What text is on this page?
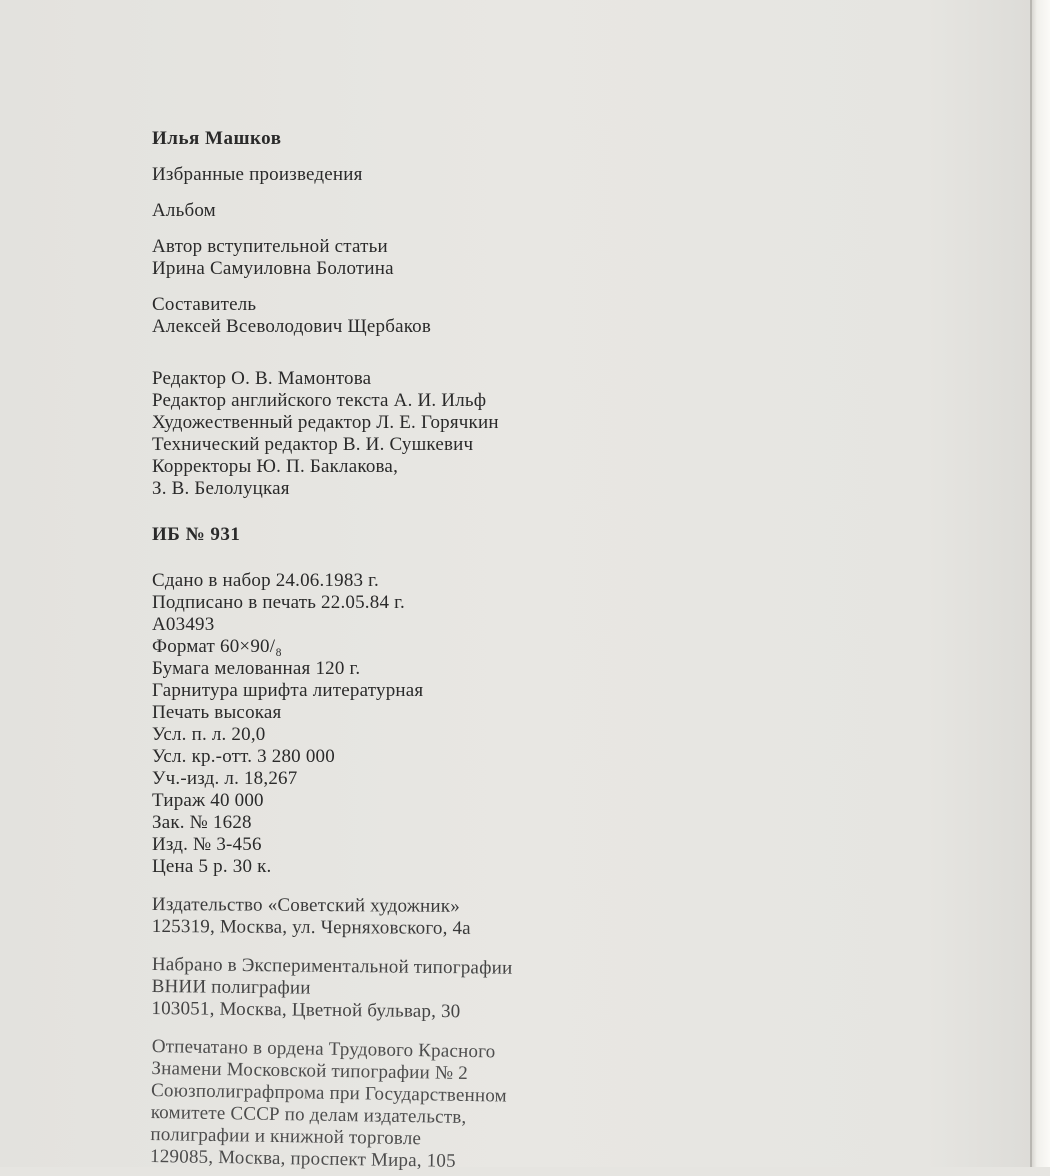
Илья Машков
Избранные произведения
Альбом
Автор вступительной статьи
Ирина Самуиловна Болотина
Составитель
Алексей Всеволодович Щербаков
Редактор О. В. Мамонтова
Редактор английского текста А. И. Ильф
Художественный редактор Л. Е. Горячкин
Технический редактор В. И. Сушкевич
Корректоры Ю. П. Баклакова,
З. В. Белолуцкая
ИБ № 931
Сдано в набор 24.06.1983 г.
Подписано в печать 22.05.84 г.
А03493
Формат 60×90/₈
Бумага мелованная 120 г.
Гарнитура шрифта литературная
Печать высокая
Усл. п. л. 20,0
Усл. кр.-отт. 3 280 000
Уч.-изд. л. 18,267
Тираж 40 000
Зак. № 1628
Изд. № 3-456
Цена 5 р. 30 к.
Издательство «Советский художник»
125319, Москва, ул. Черняховского, 4а
Набрано в Экспериментальной типографии
ВНИИ полиграфии
103051, Москва, Цветной бульвар, 30
Отпечатано в ордена Трудового Красного
Знамени Московской типографии № 2
Союзполиграфпрома при Государственном
комитете СССР по делам издательств,
полиграфии и книжной торговле
129085, Москва, проспект Мира, 105
